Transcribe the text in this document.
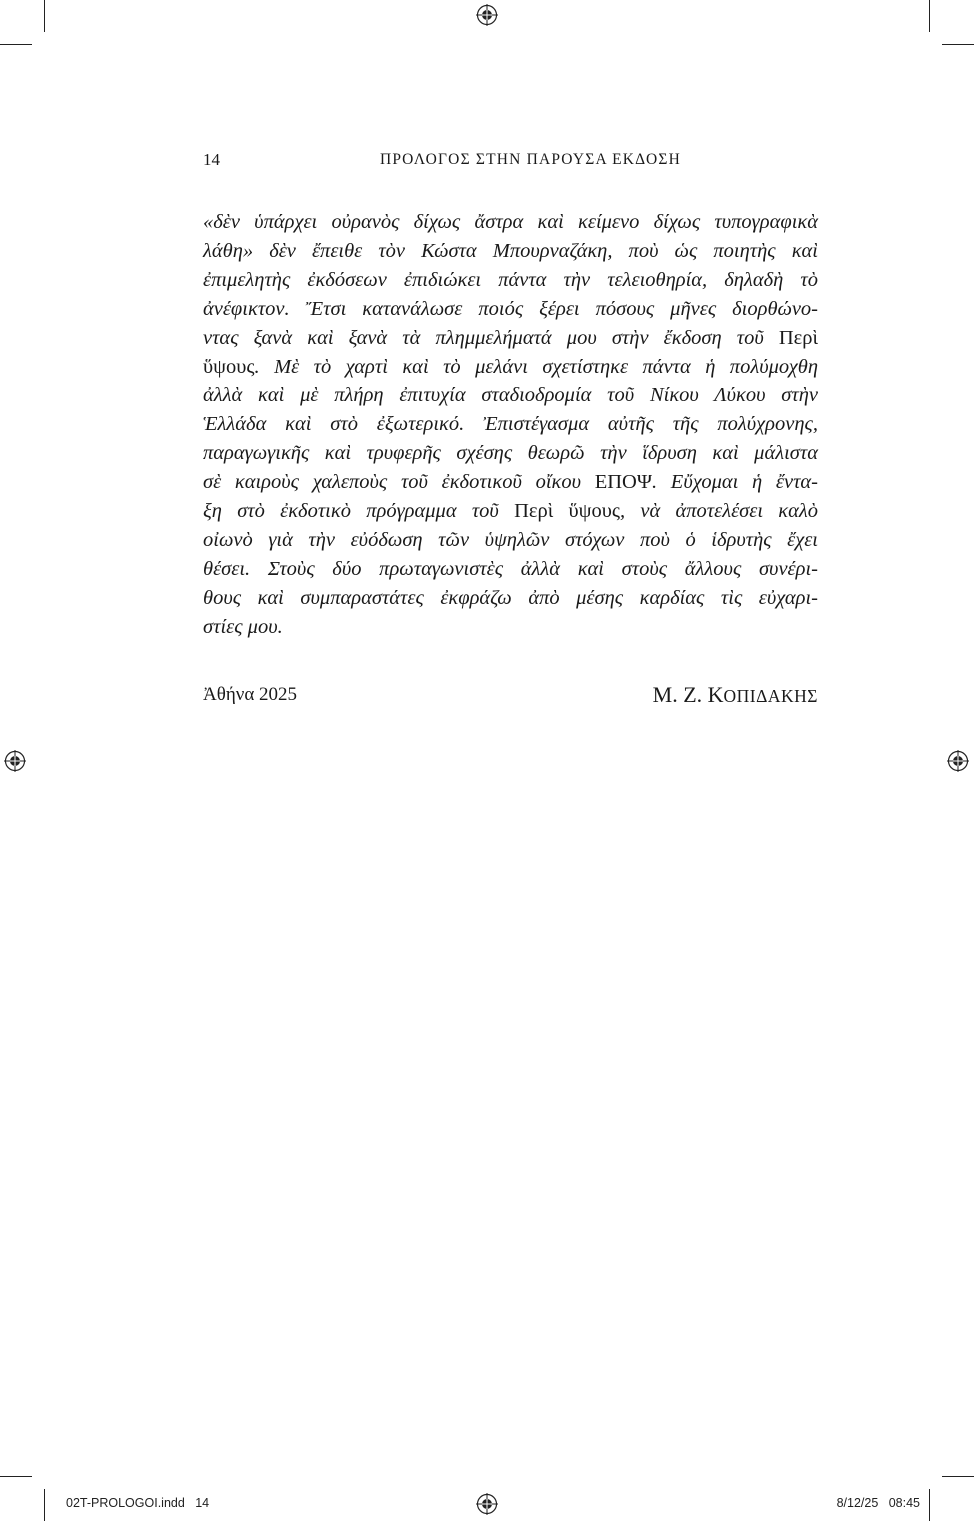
14	ΠΡΟΛΟΓΟΣ ΣΤΗΝ ΠΑΡΟΥΣΑ ΕΚΔΟΣΗ
«δὲν ὑπάρχει οὐρανὸς δίχως ἄστρα καὶ κείμενο δίχως τυπογραφικὰ
λάθη» δὲν ἔπειθε τὸν Κώστα Μπουρναζάκη, ποὺ ὡς ποιητὴς καὶ
ἐπιμελητὴς ἐκδόσεων ἐπιδιώκει πάντα τὴν τελειοθηρία, δηλαδὴ τὸ
ἀνέφικτον. Ἔτσι κατανάλωσε ποιός ξέρει πόσους μῆνες διορθώνο-
ντας ξανὰ καὶ ξανὰ τὰ πλημμελήματά μου στὴν ἔκδοση τοῦ Περὶ
ὕψους. Μὲ τὸ χαρτὶ καὶ τὸ μελάνι σχετίστηκε πάντα ἡ πολύμοχθη
ἀλλὰ καὶ μὲ πλήρη ἐπιτυχία σταδιοδρομία τοῦ Νίκου Λύκου στὴν
Ἑλλάδα καὶ στὸ ἐξωτερικό. Ἐπιστέγασμα αὐτῆς τῆς πολύχρονης,
παραγωγικῆς καὶ τρυφερῆς σχέσης θεωρῶ τὴν ἵδρυση καὶ μάλιστα
σὲ καιροὺς χαλεποὺς τοῦ ἐκδοτικοῦ οἴκου ΕΠΟΨ. Εὔχομαι ἡ ἔντα-
ξη στὸ ἐκδοτικὸ πρόγραμμα τοῦ Περὶ ὕψους, νὰ ἀποτελέσει καλὸ
οἰωνὸ γιὰ τὴν εὐόδωση τῶν ὑψηλῶν στόχων ποὺ ὁ ἱδρυτὴς ἔχει
θέσει. Στοὺς δύο πρωταγωνιστὲς ἀλλὰ καὶ στοὺς ἄλλους συνέρι-
θους καὶ συμπαραστάτες ἐκφράζω ἀπὸ μέσης καρδίας τὶς εὐχαρι-
στίες μου.
Ἀθήνα 2025	Μ. Ζ. ΚΟΠΙΔΑΚΗΣ
02T-PROLOGOI.indd   14	8/12/25   08:45
